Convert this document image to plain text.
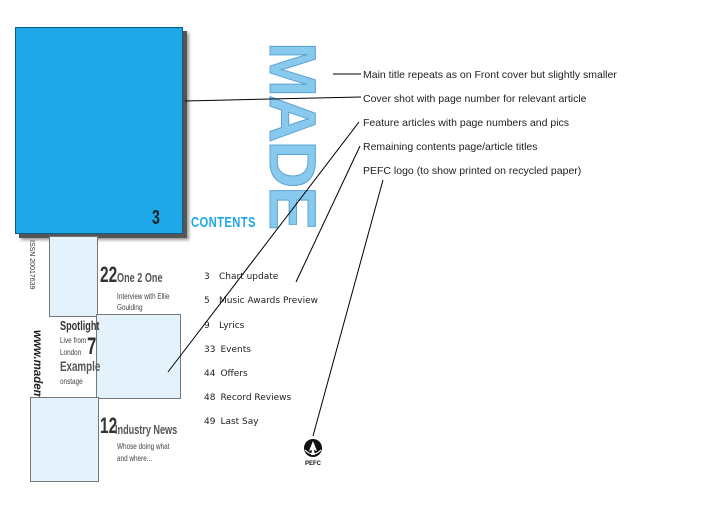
3 CONTENTS MADE
ISSN 20017639	22 One 2 One
Interview with Ellie
Goulding
Spotlight
Live from
London 7
Example
onstage
12
Industry News
Whose doing what
and where...
3 Chart update
5 Music Awards Preview
9 Lyrics
33 Events
44 Offers
48 Record Reviews
49 Last Say
PEFC
Main title repeats as on Front cover but slightly smaller
Cover shot with page number for relevant article
Feature articles with page numbers and pics
Remaining contents page/article titles
PEFC logo (to show printed on recycled paper)
